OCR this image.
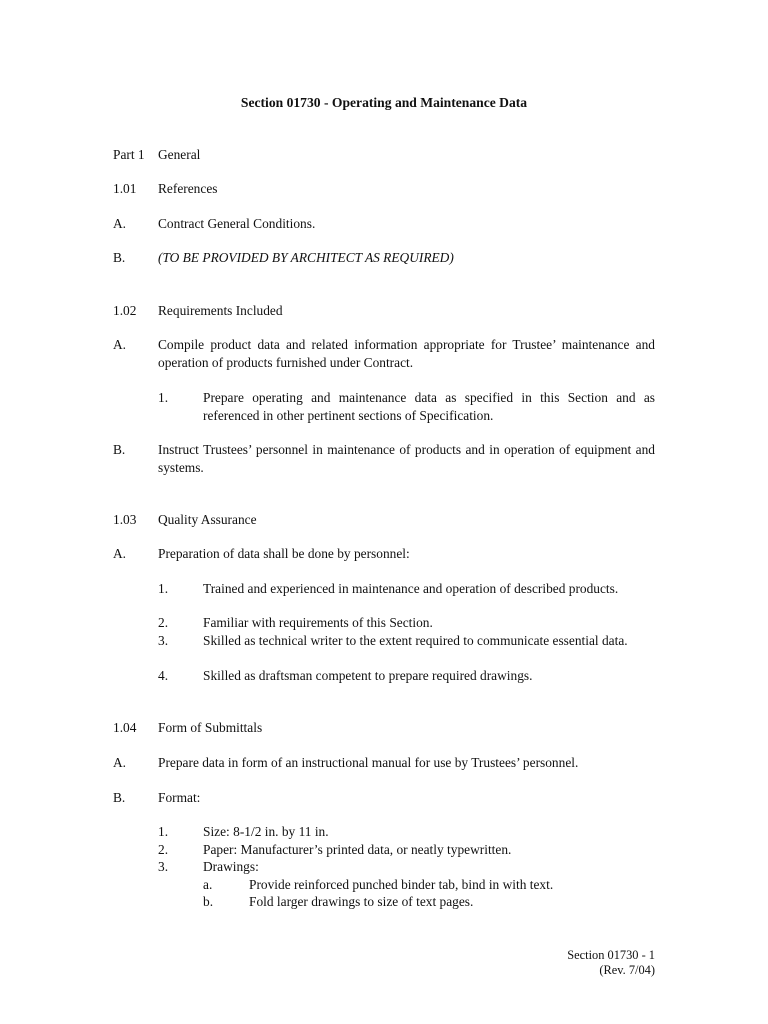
Section 01730 - Operating and Maintenance Data
Part 1 General
1.01 References
A. Contract General Conditions.
B. (TO BE PROVIDED BY ARCHITECT AS REQUIRED)
1.02 Requirements Included
A. Compile product data and related information appropriate for Trustee’ maintenance and operation of products furnished under Contract.
1.	Prepare operating and maintenance data as specified in this Section and as referenced in other pertinent sections of Specification.
B. Instruct Trustees’ personnel in maintenance of products and in operation of equipment and systems.
1.03 Quality Assurance
A. Preparation of data shall be done by personnel:
1.	Trained and experienced in maintenance and operation of described products.
2.	Familiar with requirements of this Section.
3.	Skilled as technical writer to the extent required to communicate essential data.
4.	Skilled as draftsman competent to prepare required drawings.
1.04 Form of Submittals
A. Prepare data in form of an instructional manual for use by Trustees’ personnel.
B. Format:
1.	Size: 8-1/2 in. by 11 in.
2.	Paper: Manufacturer’s printed data, or neatly typewritten.
3.	Drawings:
a.	Provide reinforced punched binder tab, bind in with text.
b.	Fold larger drawings to size of text pages.
Section 01730 - 1
(Rev. 7/04)
